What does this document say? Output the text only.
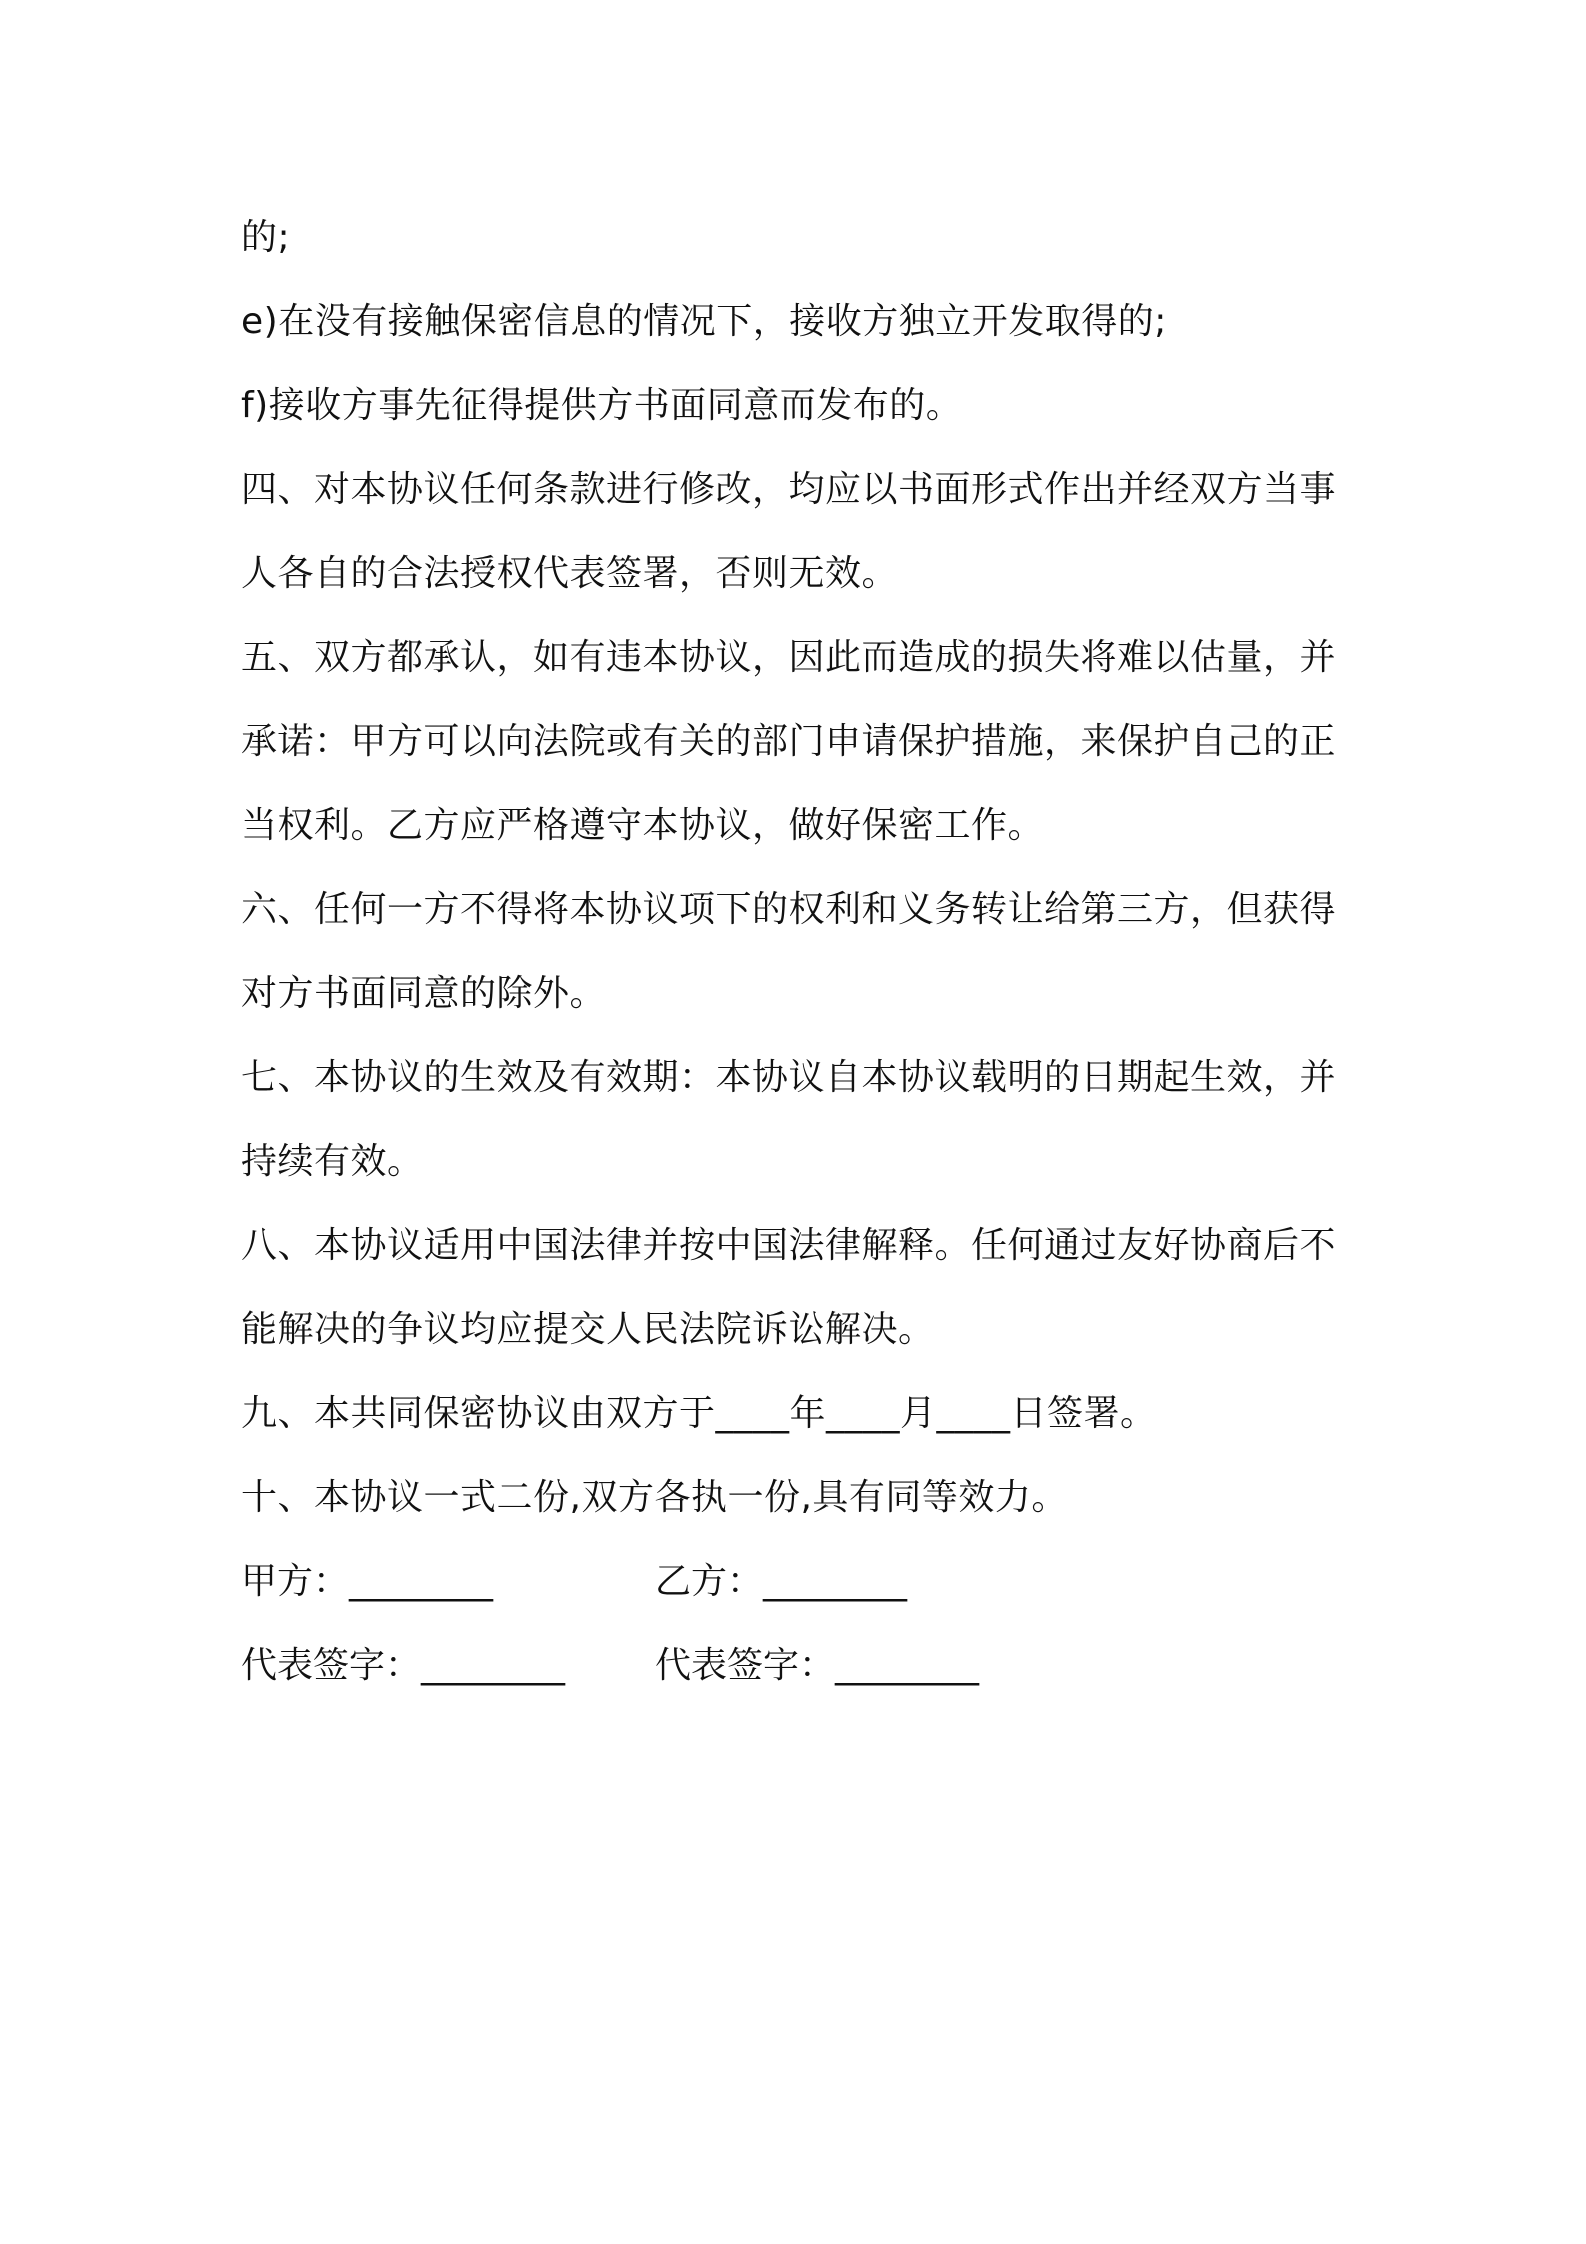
的;
e)在没有接触保密信息的情况下，接收方独立开发取得的;
f)接收方事先征得提供方书面同意而发布的。
四、对本协议任何条款进行修改，均应以书面形式作出并经双方当事
人各自的合法授权代表签署，否则无效。
五、双方都承认，如有违本协议，因此而造成的损失将难以估量，并
承诺：甲方可以向法院或有关的部门申请保护措施，来保护自己的正
当权利。乙方应严格遵守本协议，做好保密工作。
六、任何一方不得将本协议项下的权利和义务转让给第三方，但获得
对方书面同意的除外。
七、本协议的生效及有效期：本协议自本协议载明的日期起生效，并
持续有效。
八、本协议适用中国法律并按中国法律解释。任何通过友好协商后不
能解决的争议均应提交人民法院诉讼解决。
九、本共同保密协议由双方于____年____月____日签署。
十、本协议一式二份,双方各执一份,具有同等效力。
甲方：________	乙方：________
代表签字：________	代表签字：________
